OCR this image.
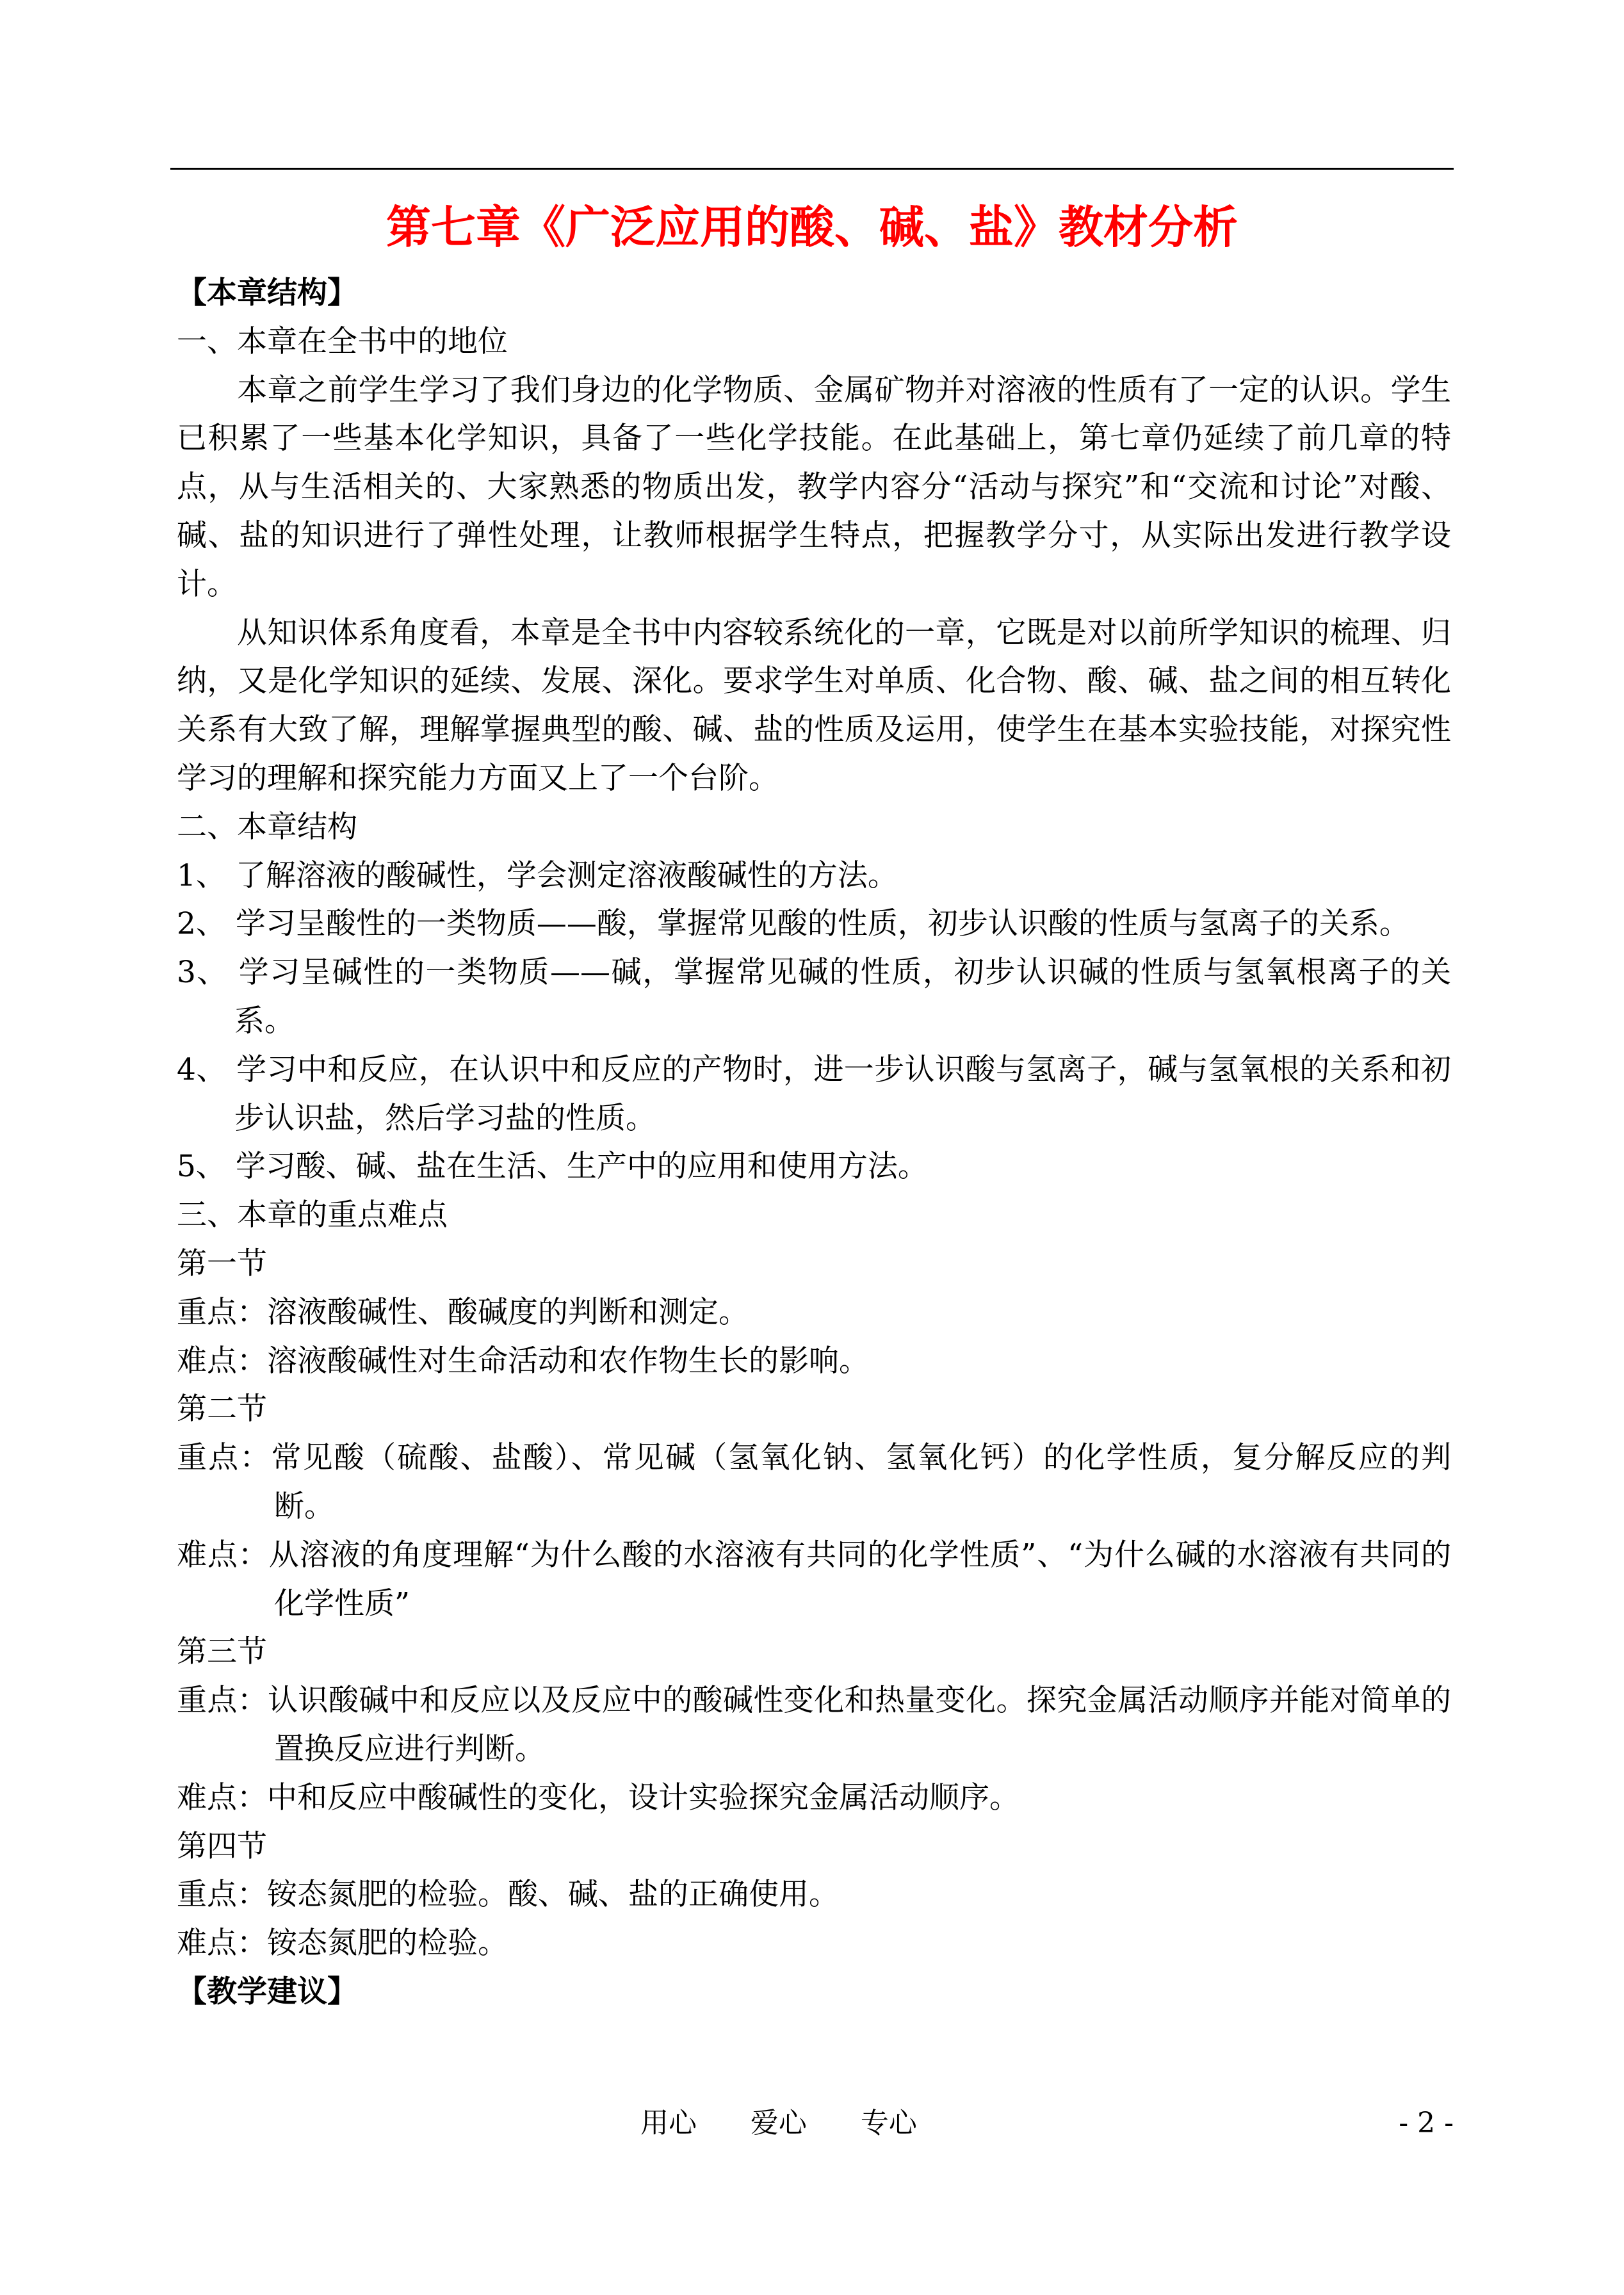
第七章《广泛应用的酸、碱、盐》教材分析
【本章结构】
一、本章在全书中的地位
本章之前学生学习了我们身边的化学物质、金属矿物并对溶液的性质有了一定的认识。学生已积累了一些基本化学知识，具备了一些化学技能。在此基础上，第七章仍延续了前几章的特点，从与生活相关的、大家熟悉的物质出发，教学内容分“活动与探究”和“交流和讨论”对酸、碱、盐的知识进行了弹性处理，让教师根据学生特点，把握教学分寸，从实际出发进行教学设计。
从知识体系角度看，本章是全书中内容较系统化的一章，它既是对以前所学知识的梳理、归纳，又是化学知识的延续、发展、深化。要求学生对单质、化合物、酸、碱、盐之间的相互转化关系有大致了解，理解掌握典型的酸、碱、盐的性质及运用，使学生在基本实验技能，对探究性学习的理解和探究能力方面又上了一个台阶。
二、本章结构
1、 了解溶液的酸碱性，学会测定溶液酸碱性的方法。
2、 学习呈酸性的一类物质——酸，掌握常见酸的性质，初步认识酸的性质与氢离子的关系。
3、 学习呈碱性的一类物质——碱，掌握常见碱的性质，初步认识碱的性质与氢氧根离子的关系。
4、 学习中和反应，在认识中和反应的产物时，进一步认识酸与氢离子，碱与氢氧根的关系和初步认识盐，然后学习盐的性质。
5、 学习酸、碱、盐在生活、生产中的应用和使用方法。
三、本章的重点难点
第一节
重点：溶液酸碱性、酸碱度的判断和测定。
难点：溶液酸碱性对生命活动和农作物生长的影响。
第二节
重点：常见酸（硫酸、盐酸）、常见碱（氢氧化钠、氢氧化钙）的化学性质，复分解反应的判断。
难点：从溶液的角度理解“为什么酸的水溶液有共同的化学性质”、“为什么碱的水溶液有共同的化学性质”
第三节
重点：认识酸碱中和反应以及反应中的酸碱性变化和热量变化。探究金属活动顺序并能对简单的置换反应进行判断。
难点：中和反应中酸碱性的变化，设计实验探究金属活动顺序。
第四节
重点：铵态氮肥的检验。酸、碱、盐的正确使用。
难点：铵态氮肥的检验。
【教学建议】
用心      爱心      专心	- 2 -
